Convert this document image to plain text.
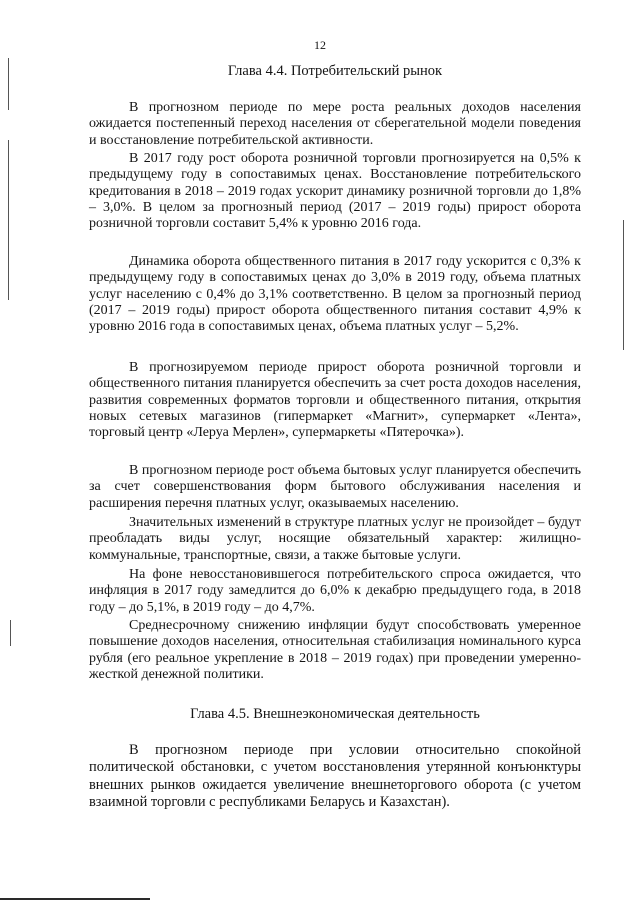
12
Глава 4.4. Потребительский рынок

В прогнозном периоде по мере роста реальных доходов населения ожидается постепенный переход населения от сберегательной модели поведения и восстановление потребительской активности.

В 2017 году рост оборота розничной торговли прогнозируется на 0,5% к предыдущему году в сопоставимых ценах. Восстановление потребительского кредитования в 2018 – 2019 годах ускорит динамику розничной торговли до 1,8% – 3,0%. В целом за прогнозный период (2017 – 2019 годы) прирост оборота розничной торговли составит 5,4% к уровню 2016 года.

Динамика оборота общественного питания в 2017 году ускорится с 0,3% к предыдущему году в сопоставимых ценах до 3,0% в 2019 году, объема платных услуг населению с 0,4% до 3,1% соответственно. В целом за прогнозный период (2017 – 2019 годы) прирост оборота общественного питания составит 4,9% к уровню 2016 года в сопоставимых ценах, объема платных услуг – 5,2%.

В прогнозируемом периоде прирост оборота розничной торговли и общественного питания планируется обеспечить за счет роста доходов населения, развития современных форматов торговли и общественного питания, открытия новых сетевых магазинов (гипермаркет «Магнит», супермаркет «Лента», торговый центр «Леруа Мерлен», супермаркеты «Пятерочка»).

В прогнозном периоде рост объема бытовых услуг планируется обеспечить за счет совершенствования форм бытового обслуживания населения и расширения перечня платных услуг, оказываемых населению.

Значительных изменений в структуре платных услуг не произойдет – будут преобладать виды услуг, носящие обязательный характер: жилищно-коммунальные, транспортные, связи, а также бытовые услуги.

На фоне невосстановившегося потребительского спроса ожидается, что инфляция в 2017 году замедлится до 6,0% к декабрю предыдущего года, в 2018 году – до 5,1%, в 2019 году – до 4,7%.

Среднесрочному снижению инфляции будут способствовать умеренное повышение доходов населения, относительная стабилизация номинального курса рубля (его реальное укрепление в 2018 – 2019 годах) при проведении умеренно-жесткой денежной политики.

Глава 4.5. Внешнеэкономическая деятельность

В прогнозном периоде при условии относительно спокойной политической обстановки, с учетом восстановления утерянной конъюнктуры внешних рынков ожидается увеличение внешнеторгового оборота (с учетом взаимной торговли с республиками Беларусь и Казахстан).
